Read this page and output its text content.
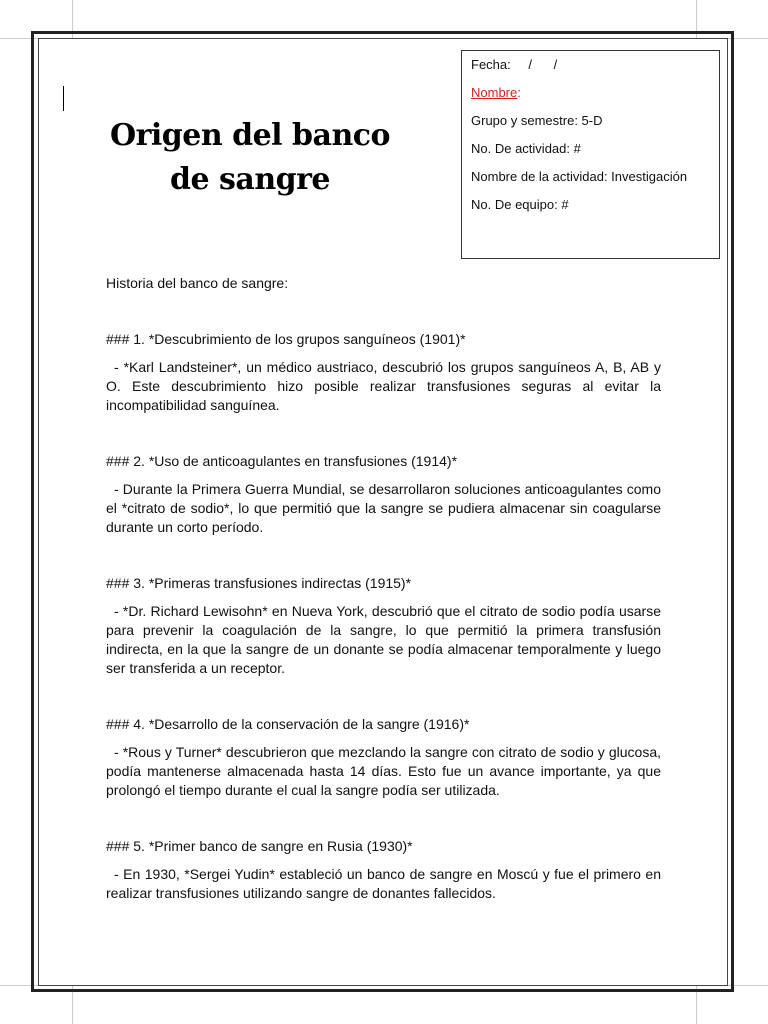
Origen del banco
de sangre
Fecha: /      /
Nombre:
Grupo y semestre: 5-D
No. De actividad: #
Nombre de la actividad: Investigación
No. De equipo: #

Historia del banco de sangre:

### 1. *Descubrimiento de los grupos sanguíneos (1901)*

- *Karl Landsteiner*, un médico austriaco, descubrió los grupos sanguíneos A, B, AB y O. Este descubrimiento hizo posible realizar transfusiones seguras al evitar la incompatibilidad sanguínea.

### 2. *Uso de anticoagulantes en transfusiones (1914)*

- Durante la Primera Guerra Mundial, se desarrollaron soluciones anticoagulantes como el *citrato de sodio*, lo que permitió que la sangre se pudiera almacenar sin coagularse durante un corto período.

### 3. *Primeras transfusiones indirectas (1915)*

- *Dr. Richard Lewisohn* en Nueva York, descubrió que el citrato de sodio podía usarse para prevenir la coagulación de la sangre, lo que permitió la primera transfusión indirecta, en la que la sangre de un donante se podía almacenar temporalmente y luego ser transferida a un receptor.

### 4. *Desarrollo de la conservación de la sangre (1916)*

- *Rous y Turner* descubrieron que mezclando la sangre con citrato de sodio y glucosa, podía mantenerse almacenada hasta 14 días. Esto fue un avance importante, ya que prolongó el tiempo durante el cual la sangre podía ser utilizada.

### 5. *Primer banco de sangre en Rusia (1930)*

- En 1930, *Sergei Yudin* estableció un banco de sangre en Moscú y fue el primero en realizar transfusiones utilizando sangre de donantes fallecidos.
